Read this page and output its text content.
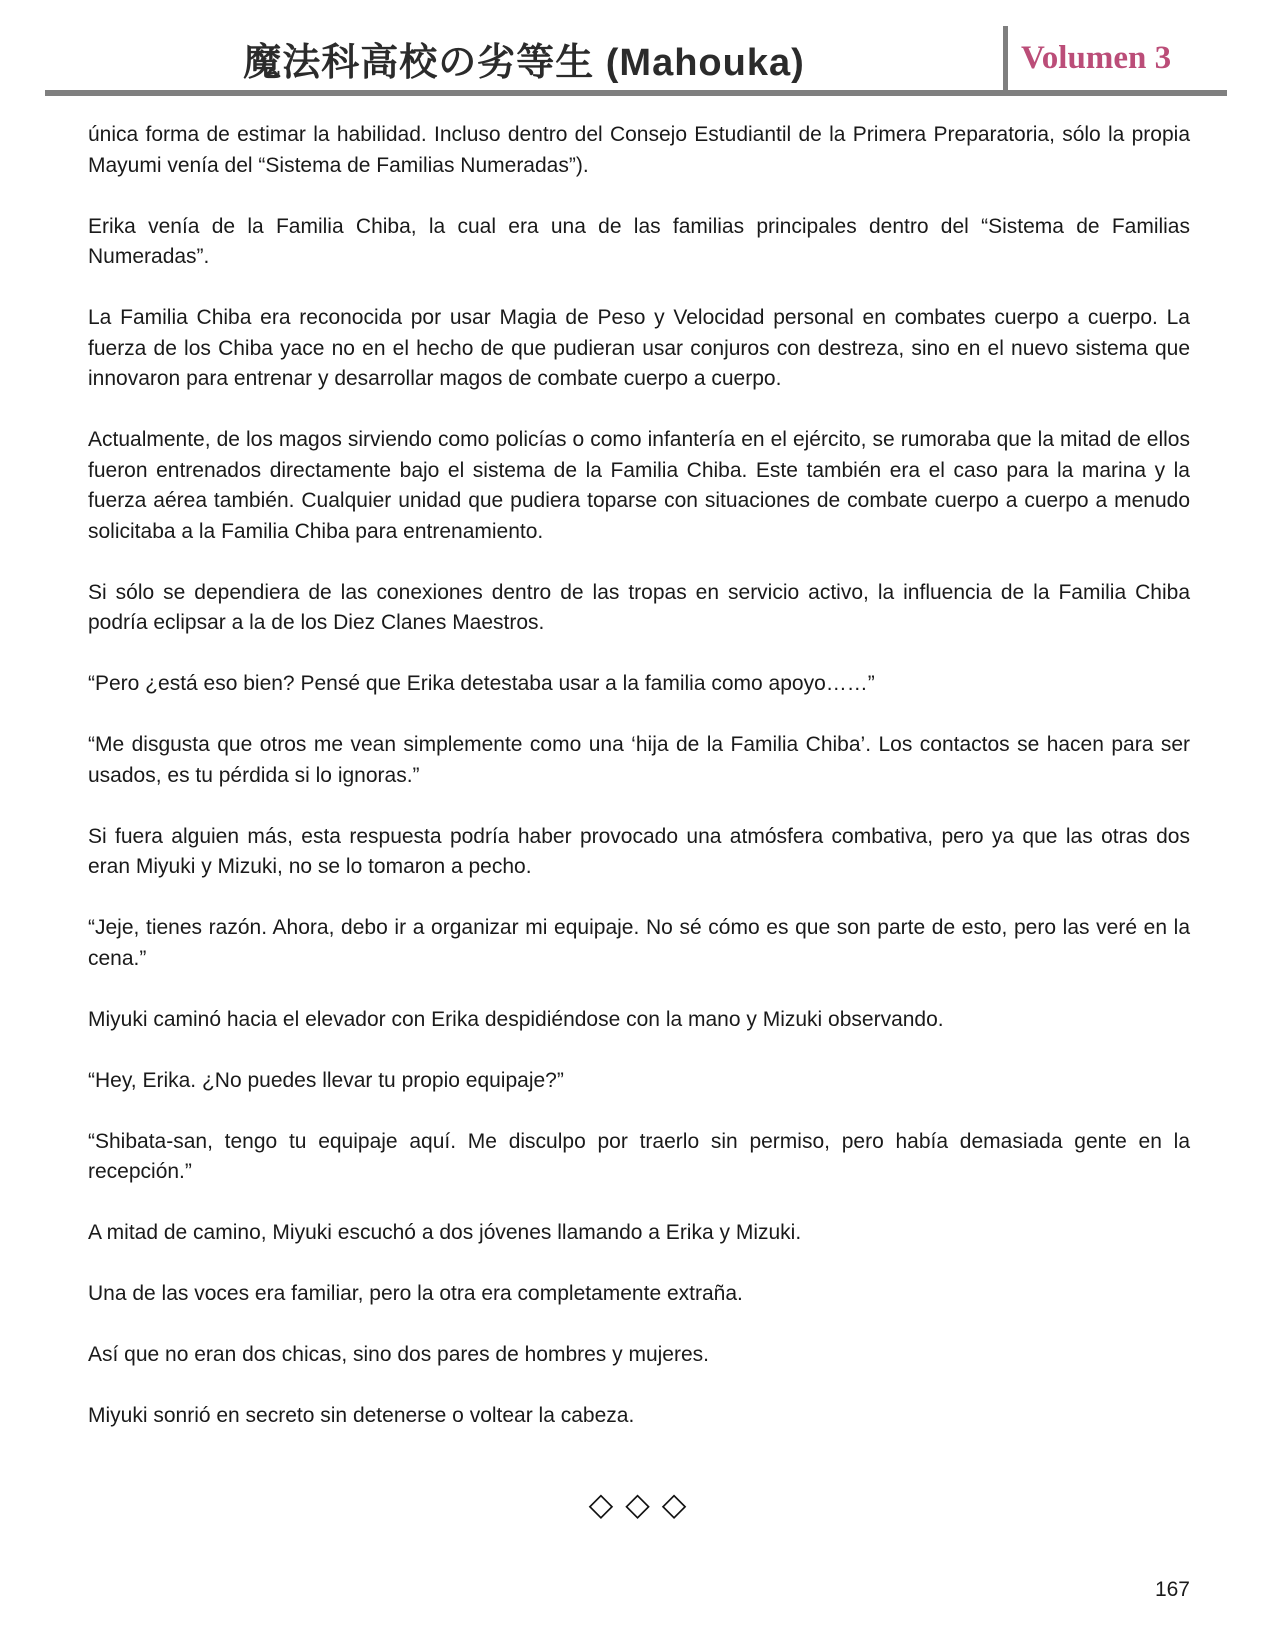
魔法科高校の劣等生 (Mahouka)	Volumen 3

única forma de estimar la habilidad. Incluso dentro del Consejo Estudiantil de la Primera Preparatoria, sólo la propia Mayumi venía del “Sistema de Familias Numeradas”).

Erika venía de la Familia Chiba, la cual era una de las familias principales dentro del “Sistema de Familias Numeradas”.

La Familia Chiba era reconocida por usar Magia de Peso y Velocidad personal en combates cuerpo a cuerpo. La fuerza de los Chiba yace no en el hecho de que pudieran usar conjuros con destreza, sino en el nuevo sistema que innovaron para entrenar y desarrollar magos de combate cuerpo a cuerpo.

Actualmente, de los magos sirviendo como policías o como infantería en el ejército, se rumoraba que la mitad de ellos fueron entrenados directamente bajo el sistema de la Familia Chiba. Este también era el caso para la marina y la fuerza aérea también. Cualquier unidad que pudiera toparse con situaciones de combate cuerpo a cuerpo a menudo solicitaba a la Familia Chiba para entrenamiento.

Si sólo se dependiera de las conexiones dentro de las tropas en servicio activo, la influencia de la Familia Chiba podría eclipsar a la de los Diez Clanes Maestros.

“Pero ¿está eso bien? Pensé que Erika detestaba usar a la familia como apoyo……”

“Me disgusta que otros me vean simplemente como una ‘hija de la Familia Chiba’. Los contactos se hacen para ser usados, es tu pérdida si lo ignoras.”

Si fuera alguien más, esta respuesta podría haber provocado una atmósfera combativa, pero ya que las otras dos eran Miyuki y Mizuki, no se lo tomaron a pecho.

“Jeje, tienes razón. Ahora, debo ir a organizar mi equipaje. No sé cómo es que son parte de esto, pero las veré en la cena.”

Miyuki caminó hacia el elevador con Erika despidiéndose con la mano y Mizuki observando.

“Hey, Erika. ¿No puedes llevar tu propio equipaje?”

“Shibata-san, tengo tu equipaje aquí. Me disculpo por traerlo sin permiso, pero había demasiada gente en la recepción.”

A mitad de camino, Miyuki escuchó a dos jóvenes llamando a Erika y Mizuki.

Una de las voces era familiar, pero la otra era completamente extraña.

Así que no eran dos chicas, sino dos pares de hombres y mujeres.

Miyuki sonrió en secreto sin detenerse o voltear la cabeza.

◇◇◇
167
